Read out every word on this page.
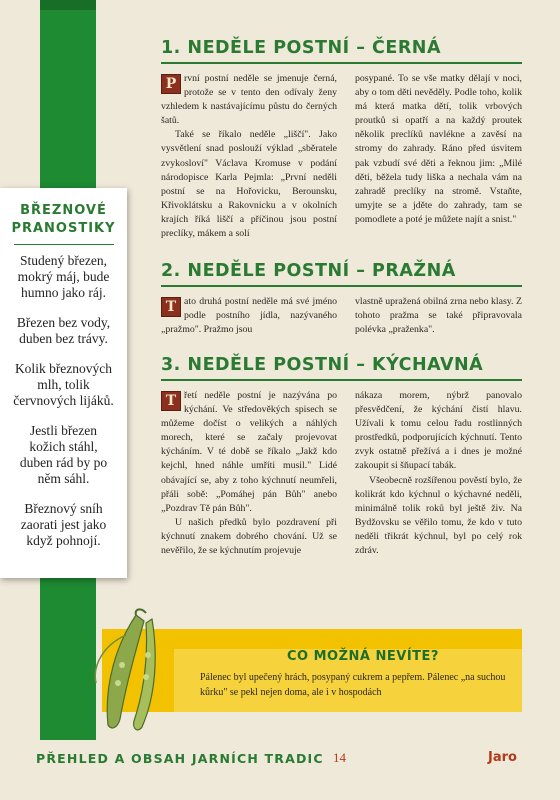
BŘEZNOVÉ PRANOSTIKY

Studený březen, mokrý máj, bude humno jako ráj.

Březen bez vody, duben bez trávy.

Kolik březnových mlh, tolik červnových lijáků.

Jestli březen kožich stáhl, duben rád by po něm sáhl.

Březnový sníh zaorati jest jako když pohnojí.

1. NEDĚLE POSTNÍ – ČERNÁ

P rvní postní neděle se jmenuje černá, protože se v tento den odívaly ženy vzhledem k nastávajícímu půstu do černých šatů.

Také se říkalo neděle „liščí". Jako vysvětlení snad poslouží výklad „sběratele zvykosloví" Václava Kromuse v podání národopisce Karla Pejmla: „První neděli postní se na Hořovicku, Berounsku, Křivoklátsku a Rakovnicku a v okolních krajích říká liščí a příčinou jsou postní preclíky, mákem a solí

posypané. To se vše matky dělají v noci, aby o tom děti nevěděly. Podle toho, kolik má která matka dětí, tolik vrbových proutků si opatří a na každý proutek několik preclíků navlékne a zavěsí na stromy do zahrady. Ráno před úsvitem pak vzbudí své děti a řeknou jim: „Milé děti, běžela tudy liška a nechala vám na zahradě preclíky na stromě. Vstaňte, umyjte se a jděte do zahrady, tam se pomodlete a poté je můžete najít a snist."

2. NEDĚLE POSTNÍ – PRAŽNÁ

T ato druhá postní neděle má své jméno podle postního jídla, nazývaného „pražmo". Pražmo jsou

vlastně upražená obilná zrna nebo klasy. Z tohoto pražma se také připravovala polévka „praženka".

3. NEDĚLE POSTNÍ – KÝCHAVNÁ

T řetí neděle postní je nazývána po kýchání. Ve středověkých spisech se můžeme dočíst o velikých a náhlých morech, které se začaly projevovat kýcháním. V té době se říkalo „Jakž kdo kejchl, hned náhle umříti musil." Lidé obávající se, aby z toho kýchnutí neumřeli, přáli sobě: „Pomáhej pán Bůh" anebo „Pozdrav Tě pán Bůh".

U našich předků bylo pozdravení při kýchnutí znakem dobrého chování. Už se nevěřilo, že se kýchnutím projevuje

nákaza morem, nýbrž panovalo přesvědčení, že kýchání čistí hlavu. Užívali k tomu celou řadu rostlinných prostředků, podporujících kýchnutí. Tento zvyk ostatně přežívá a i dnes je možné zakoupit si šňupací tabák.

Všeobecně rozšířenou pověstí bylo, že kolikrát kdo kýchnul o kýchavné neděli, minimálně tolik roků byl ještě živ. Na Bydžovsku se věřilo tomu, že kdo v tuto neděli třikrát kýchnul, byl po celý rok zdráv.

CO MOŽNÁ NEVÍTE?

Pálenec byl upečený hrách, posypaný cukrem a pepřem. Pálenec „na suchou kůrku" se pekl nejen doma, ale i v hospodách

PŘEHLED A OBSAH JARNÍCH TRADIC 14	Jaro
